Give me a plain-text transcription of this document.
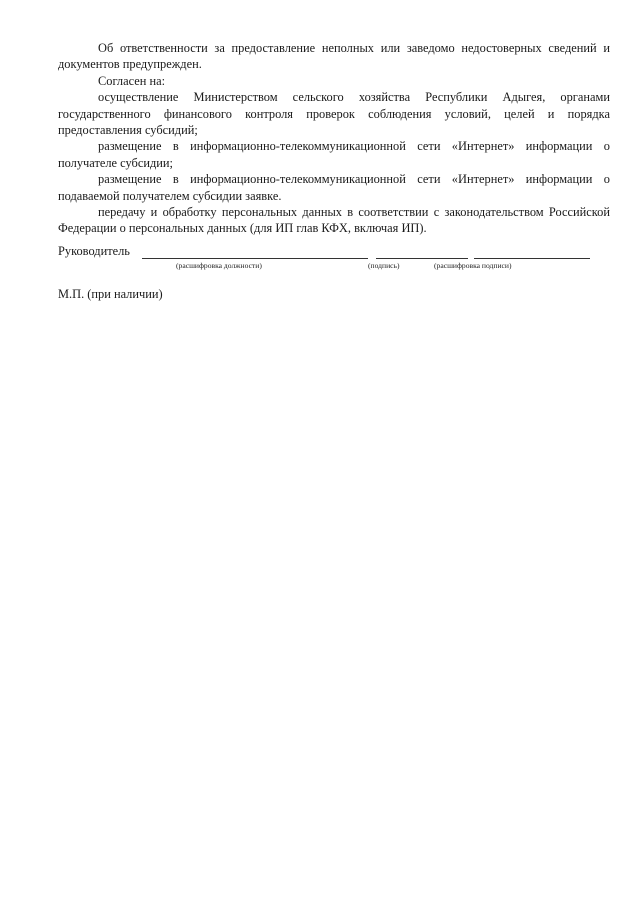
Об ответственности за предоставление неполных или заведомо недостоверных сведений и документов предупрежден.

Согласен на:

осуществление Министерством сельского хозяйства Республики Адыгея, органами государственного финансового контроля проверок соблюдения условий, целей и порядка предоставления субсидий;

размещение в информационно-телекоммуникационной сети «Интернет» информации о получателе субсидии;

размещение в информационно-телекоммуникационной сети «Интернет» информации о подаваемой получателем субсидии заявке.

передачу и обработку персональных данных в соответствии с законодательством Российской Федерации о персональных данных (для ИП глав КФХ, включая ИП).

Руководитель
(расшифровка должности)	(подпись)	(расшифровка подписи)
М.П. (при наличии)
